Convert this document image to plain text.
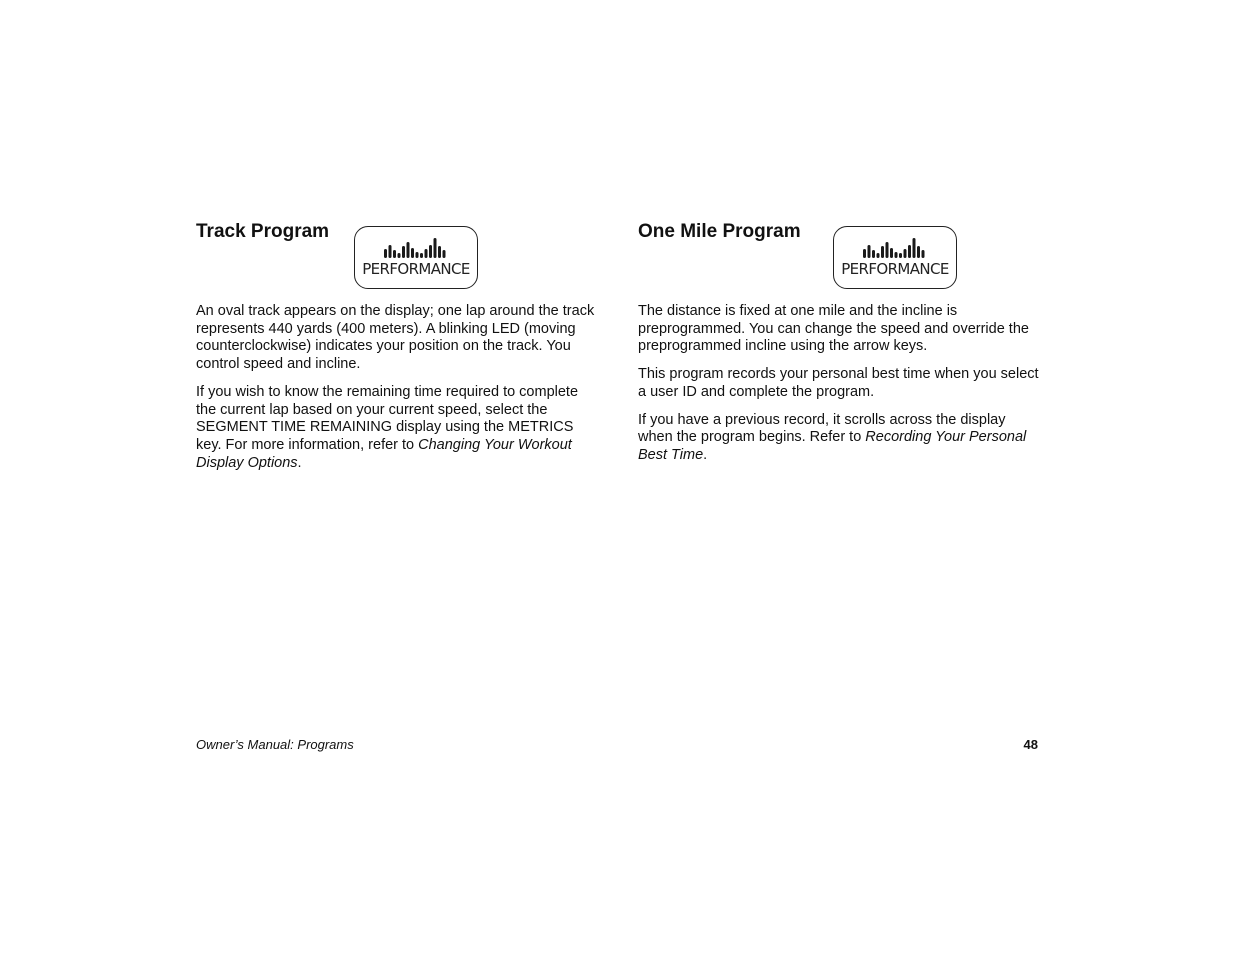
Track Program
PERFORMANCE

An oval track appears on the display; one lap around the track represents 440 yards (400 meters). A blinking LED (moving counterclockwise) indicates your position on the track. You control speed and incline.

If you wish to know the remaining time required to complete the current lap based on your current speed, select the SEGMENT TIME REMAINING display using the METRICS key. For more information, refer to Changing Your Workout Display Options.

One Mile Program
PERFORMANCE

The distance is fixed at one mile and the incline is preprogrammed. You can change the speed and override the preprogrammed incline using the arrow keys.

This program records your personal best time when you select a user ID and complete the program.

If you have a previous record, it scrolls across the display when the program begins. Refer to Recording Your Personal Best Time.

Owner’s Manual: Programs	48
